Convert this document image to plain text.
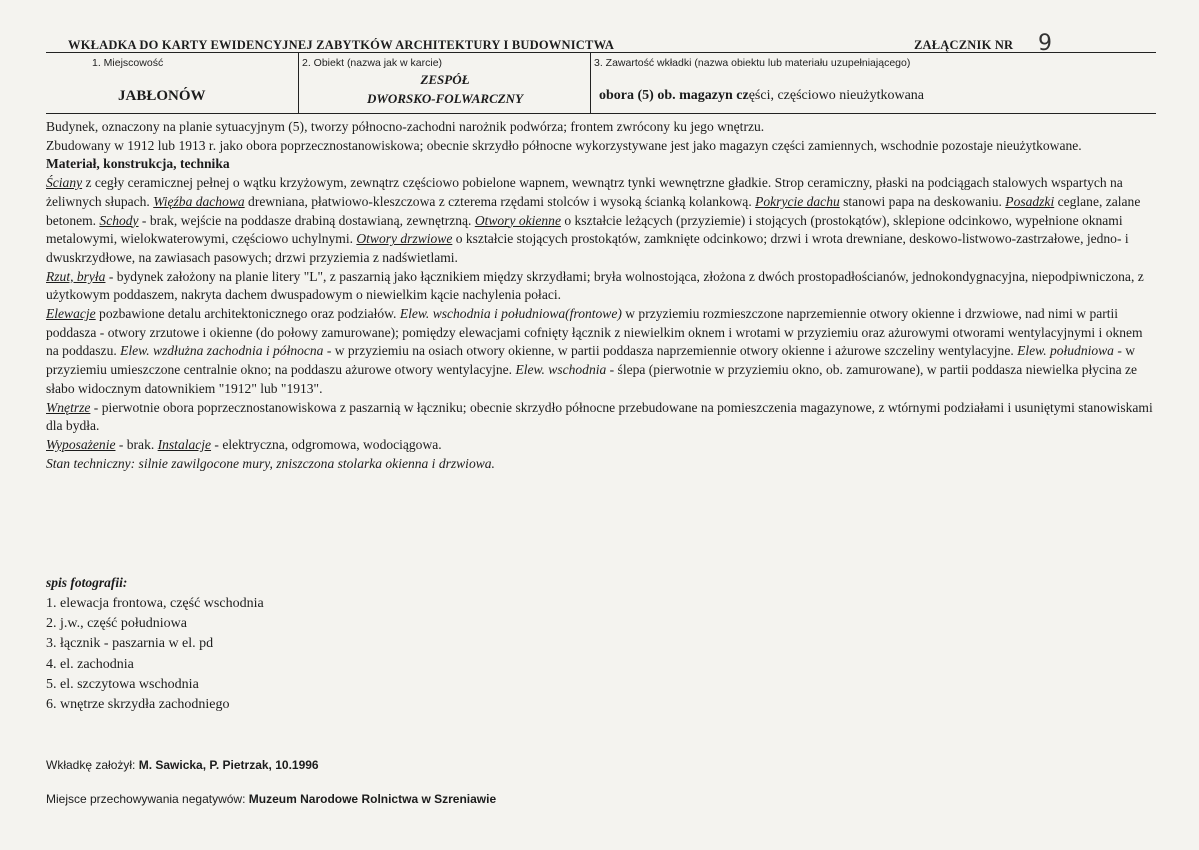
WKŁADKA DO KARTY EWIDENCYJNEJ ZABYTKÓW ARCHITEKTURY I BUDOWNICTWA	ZAŁĄCZNIK NR 9
1. Miejscowość
JABŁONÓW
2. Obiekt (nazwa jak w karcie)
ZESPÓŁ
DWORSKO-FOLWARCZNY
3. Zawartość wkładki (nazwa obiektu lub materiału uzupełniającego)
obora (5) ob. magazyn części, częściowo nieużytkowana

Budynek, oznaczony na planie sytuacyjnym (5), tworzy północno-zachodni narożnik podwórza; frontem zwrócony ku jego wnętrzu.

Zbudowany w 1912 lub 1913 r. jako obora poprzecznostanowiskowa; obecnie skrzydło północne wykorzystywane jest jako magazyn części zamiennych, wschodnie pozostaje nieużytkowane.

Materiał, konstrukcja, technika

Ściany z cegły ceramicznej pełnej o wątku krzyżowym, zewnątrz częściowo pobielone wapnem, wewnątrz tynki wewnętrzne gładkie. Strop ceramiczny, płaski na podciągach stalowych wspartych na żeliwnych słupach. Więźba dachowa drewniana, płatwiowo-kleszczowa z czterema rzędami stolców i wysoką ścianką kolankową. Pokrycie dachu stanowi papa na deskowaniu. Posadzki ceglane, zalane betonem. Schody - brak, wejście na poddasze drabiną dostawianą, zewnętrzną. Otwory okienne o kształcie leżących (przyziemie) i stojących (prostokątów), sklepione odcinkowo, wypełnione oknami metalowymi, wielokwaterowymi, częściowo uchylnymi. Otwory drzwiowe o kształcie stojących prostokątów, zamknięte odcinkowo; drzwi i wrota drewniane, deskowo-listwowo-zastrzałowe, jedno- i dwuskrzydłowe, na zawiasach pasowych; drzwi przyziemia z nadświetlami.

Rzut, bryła - bydynek założony na planie litery "L", z paszarnią jako łącznikiem między skrzydłami; bryła wolnostojąca, złożona z dwóch prostopadłościanów, jednokondygnacyjna, niepodpiwniczona, z użytkowym poddaszem, nakryta dachem dwuspadowym o niewielkim kącie nachylenia połaci.

Elewacje pozbawione detalu architektonicznego oraz podziałów. Elew. wschodnia i południowa(frontowe) w przyziemiu rozmieszczone naprzemiennie otwory okienne i drzwiowe, nad nimi w partii poddasza - otwory zrzutowe i okienne (do połowy zamurowane); pomiędzy elewacjami cofnięty łącznik z niewielkim oknem i wrotami w przyziemiu oraz ażurowymi otworami wentylacyjnymi i oknem na poddaszu. Elew. wzdłużna zachodnia i północna - w przyziemiu na osiach otwory okienne, w partii poddasza naprzemiennie otwory okienne i ażurowe szczeliny wentylacyjne. Elew. południowa - w przyziemiu umieszczone centralnie okno; na poddaszu ażurowe otwory wentylacyjne. Elew. wschodnia - ślepa (pierwotnie w przyziemiu okno, ob. zamurowane), w partii poddasza niewielka płycina ze słabo widocznym datownikiem "1912" lub "1913".

Wnętrze - pierwotnie obora poprzecznostanowiskowa z paszarnią w łączniku; obecnie skrzydło północne przebudowane na pomieszczenia magazynowe, z wtórnymi podziałami i usuniętymi stanowiskami dla bydła.

Wyposażenie - brak. Instalacje - elektryczna, odgromowa, wodociągowa.

Stan techniczny: silnie zawilgocone mury, zniszczona stolarka okienna i drzwiowa.

spis fotografii:
1. elewacja frontowa, część wschodnia
2. j.w., część południowa
3. łącznik - paszarnia w el. pd
4. el. zachodnia
5. el. szczytowa wschodnia
6. wnętrze skrzydła zachodniego
Wkładkę założył: M. Sawicka, P. Pietrzak, 10.1996
Miejsce przechowywania negatywów: Muzeum Narodowe Rolnictwa w Szreniawie
